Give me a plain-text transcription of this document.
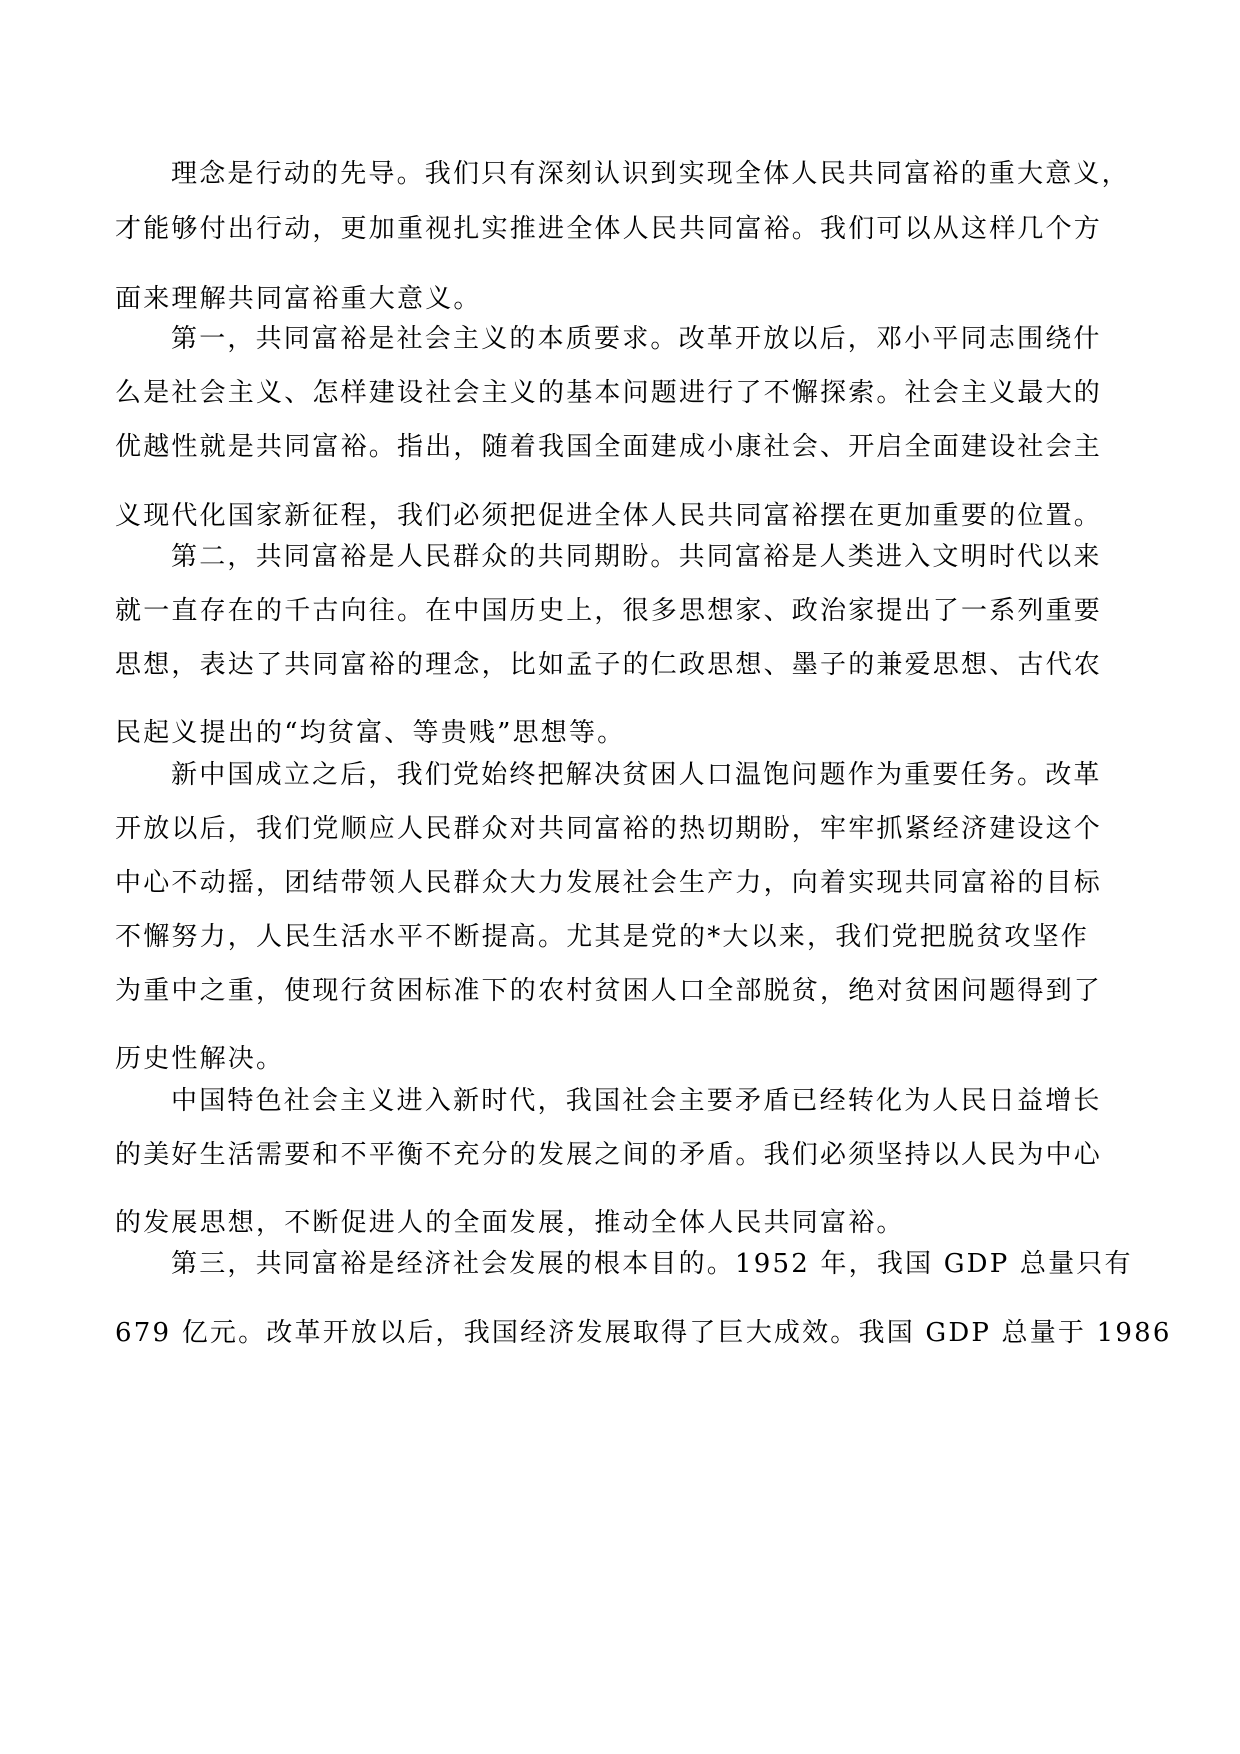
理念是行动的先导。我们只有深刻认识到实现全体人民共同富裕的重大意义，
才能够付出行动，更加重视扎实推进全体人民共同富裕。我们可以从这样几个方
面来理解共同富裕重大意义。
第一，共同富裕是社会主义的本质要求。改革开放以后，邓小平同志围绕什
么是社会主义、怎样建设社会主义的基本问题进行了不懈探索。社会主义最大的
优越性就是共同富裕。指出，随着我国全面建成小康社会、开启全面建设社会主
义现代化国家新征程，我们必须把促进全体人民共同富裕摆在更加重要的位置。
第二，共同富裕是人民群众的共同期盼。共同富裕是人类进入文明时代以来
就一直存在的千古向往。在中国历史上，很多思想家、政治家提出了一系列重要
思想，表达了共同富裕的理念，比如孟子的仁政思想、墨子的兼爱思想、古代农
民起义提出的“均贫富、等贵贱”思想等。
新中国成立之后，我们党始终把解决贫困人口温饱问题作为重要任务。改革
开放以后，我们党顺应人民群众对共同富裕的热切期盼，牢牢抓紧经济建设这个
中心不动摇，团结带领人民群众大力发展社会生产力，向着实现共同富裕的目标
不懈努力，人民生活水平不断提高。尤其是党的*大以来，我们党把脱贫攻坚作
为重中之重，使现行贫困标准下的农村贫困人口全部脱贫，绝对贫困问题得到了
历史性解决。
中国特色社会主义进入新时代，我国社会主要矛盾已经转化为人民日益增长
的美好生活需要和不平衡不充分的发展之间的矛盾。我们必须坚持以人民为中心
的发展思想，不断促进人的全面发展，推动全体人民共同富裕。
第三，共同富裕是经济社会发展的根本目的。1952 年，我国 GDP 总量只有
679 亿元。改革开放以后，我国经济发展取得了巨大成效。我国 GDP 总量于 1986
